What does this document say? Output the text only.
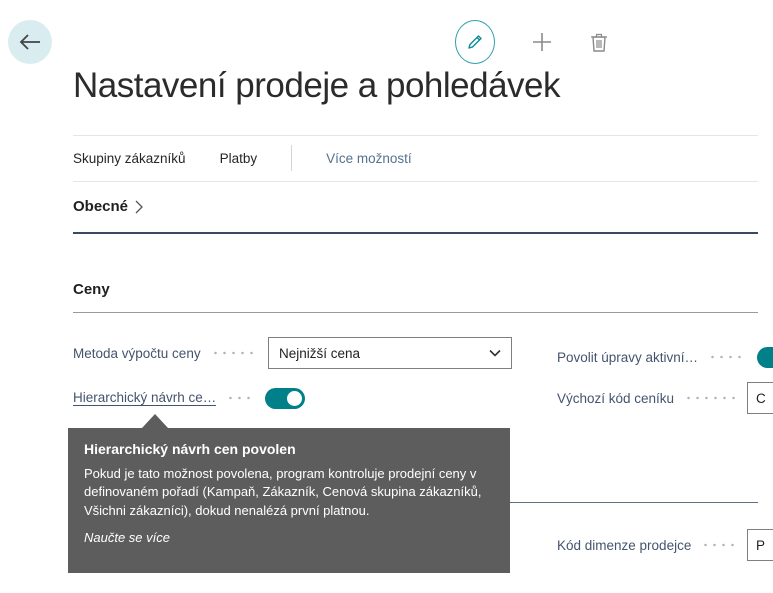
Nastavení prodeje a pohledávek
Skupiny zákazníků	Platby	Více možností
Obecné
Ceny
Metoda výpočtu ceny	Nejnižší cena
Hierarchický návrh ce…
Povolit úpravy aktivní…
Výchozí kód ceníku	C
Kód dimenze prodejce	P
Hierarchický návrh cen povolen
Pokud je tato možnost povolena, program kontroluje prodejní ceny v definovaném pořadí (Kampaň, Zákazník, Cenová skupina zákazníků, Všichni zákazníci), dokud nenalézá první platnou.
Naučte se více
